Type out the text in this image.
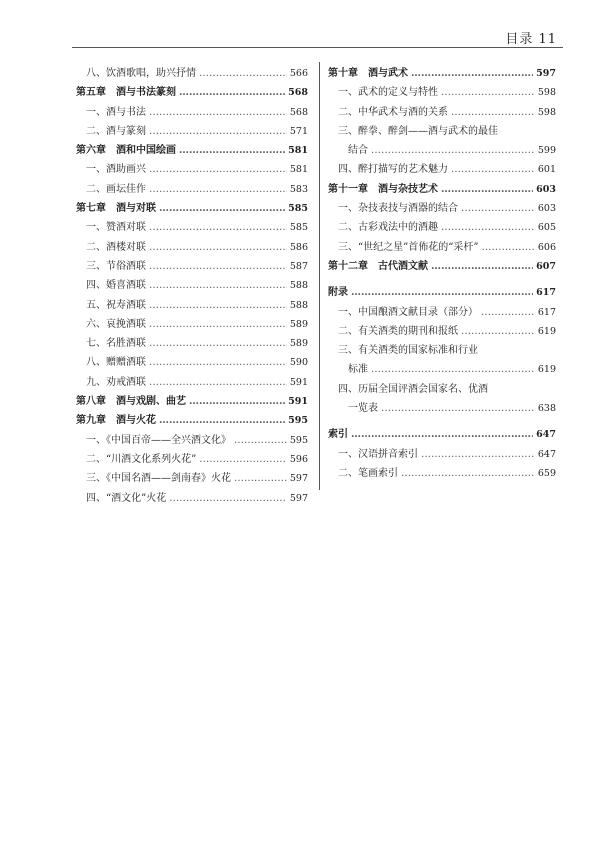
目录 11
八、饮酒歌唱，助兴抒情 ………………………………………………………………………………………	566
第五章　酒与书法篆刻 ………………………………………………………………………………………	568
一、酒与书法 ………………………………………………………………………………………	568
二、酒与篆刻 ………………………………………………………………………………………	571
第六章　酒和中国绘画 ………………………………………………………………………………………	581
一、酒助画兴 ………………………………………………………………………………………	581
二、画坛佳作 ………………………………………………………………………………………	583
第七章　酒与对联 ………………………………………………………………………………………	585
一、赞酒对联 ………………………………………………………………………………………	585
二、酒楼对联 ………………………………………………………………………………………	586
三、节俗酒联 ………………………………………………………………………………………	587
四、婚喜酒联 ………………………………………………………………………………………	588
五、祝寿酒联 ………………………………………………………………………………………	588
六、哀挽酒联 ………………………………………………………………………………………	589
七、名胜酒联 ………………………………………………………………………………………	589
八、赠赠酒联 ………………………………………………………………………………………	590
九、劝戒酒联 ………………………………………………………………………………………	591
第八章　酒与戏剧、曲艺 ………………………………………………………………………………………	591
第九章　酒与火花 ………………………………………………………………………………………	595
一、《中国百帝——全兴酒文化》 ………………………………………………………………………………………	595
二、“川酒文化系列火花” ………………………………………………………………………………………	596
三、《中国名酒——剑南春》火花 ………………………………………………………………………………………	597
四、“酒文化”火花 ………………………………………………………………………………………	597
第十章　酒与武术 ………………………………………………………………………………………	597
一、武术的定义与特性 ………………………………………………………………………………………	598
二、中华武术与酒的关系 ………………………………………………………………………………………	598
三、醉拳、醉剑——酒与武术的最佳
结合 ………………………………………………………………………………………	599
四、醉打描写的艺术魅力 ………………………………………………………………………………………	601
第十一章　酒与杂技艺术 ………………………………………………………………………………………	603
一、杂技表技与酒器的结合 ………………………………………………………………………………………	603
二、古彩戏法中的酒趣 ………………………………………………………………………………………	605
三、“世纪之星”首佈花的“采杆” ………………………………………………………………………………………	606
第十二章　古代酒文献 ………………………………………………………………………………………	607
附录 ………………………………………………………………………………………	617
一、中国酿酒文献目录（部分） ………………………………………………………………………………………	617
二、有关酒类的期刊和报纸 ………………………………………………………………………………………	619
三、有关酒类的国家标准和行业
标准 ………………………………………………………………………………………	619
四、历届全国评酒会国家名、优酒
一览表 ………………………………………………………………………………………	638
索引 ………………………………………………………………………………………	647
一、汉语拼音索引 ………………………………………………………………………………………	647
二、笔画索引 ………………………………………………………………………………………	659
